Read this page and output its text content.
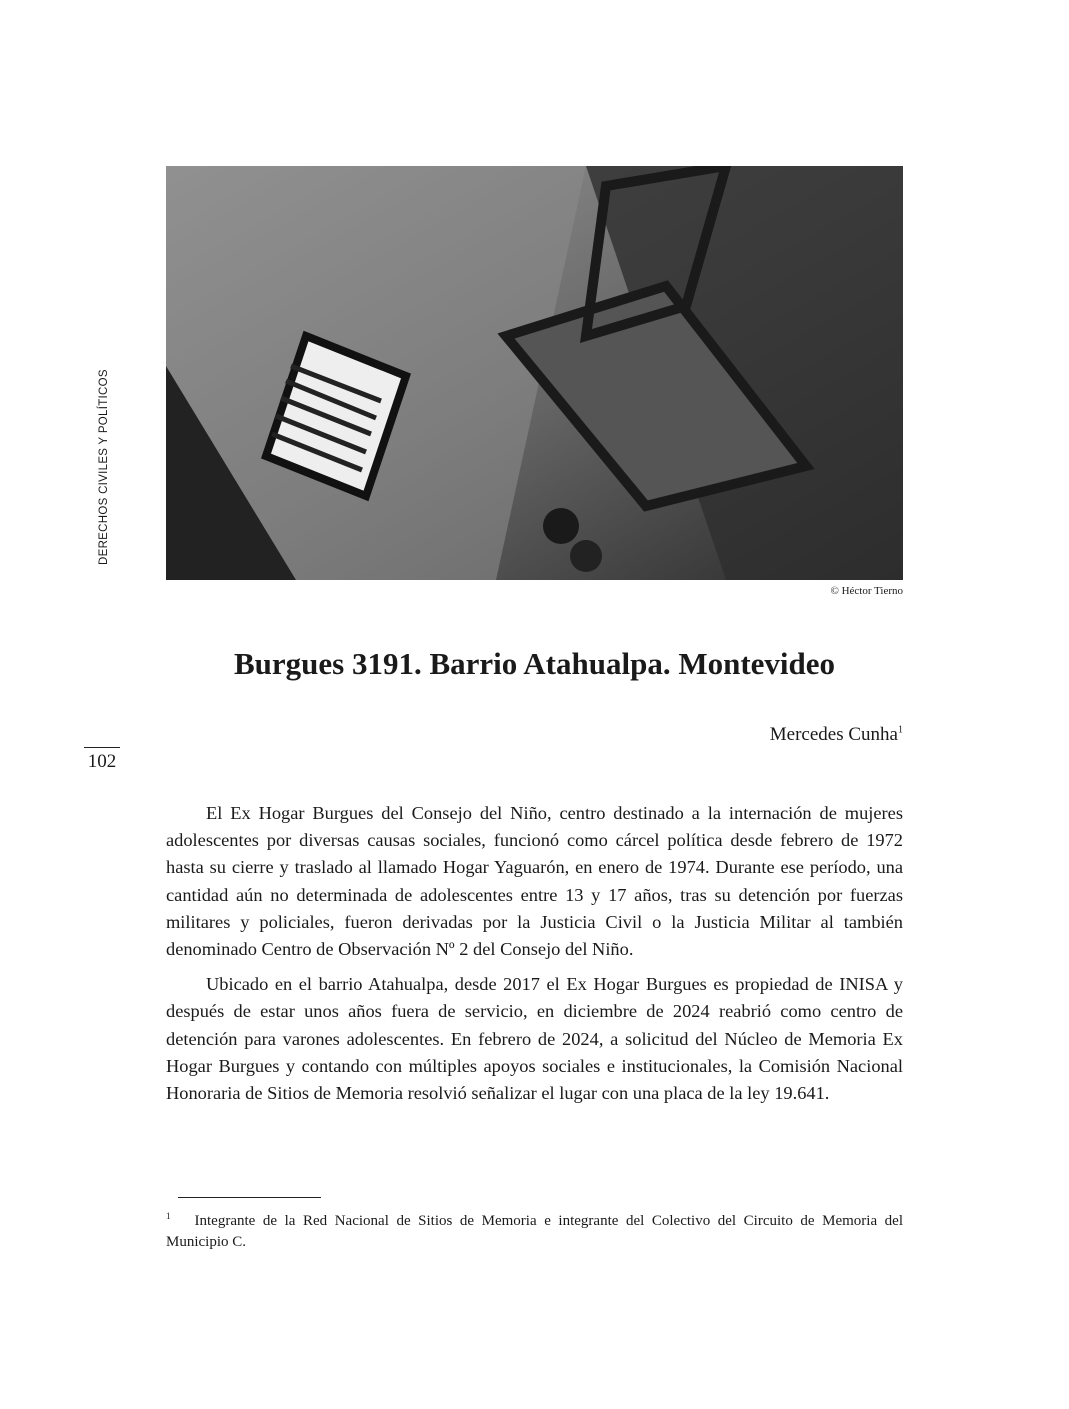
DERECHOS CIVILES Y POLÍTICOS
102
© Héctor Tierno
Burgues 3191. Barrio Atahualpa. Montevideo
Mercedes Cunha$^1$

El Ex Hogar Burgues del Consejo del Niño, centro destinado a la internación de mujeres adolescentes por diversas causas sociales, funcionó como cárcel política desde febrero de 1972 hasta su cierre y traslado al llamado Hogar Yaguarón, en enero de 1974. Durante ese período, una cantidad aún no determinada de adolescentes entre 13 y 17 años, tras su detención por fuerzas militares y policiales, fueron derivadas por la Justicia Civil o la Justicia Militar al también denominado Centro de Observación Nº 2 del Consejo del Niño.

Ubicado en el barrio Atahualpa, desde 2017 el Ex Hogar Burgues es propiedad de INISA y después de estar unos años fuera de servicio, en diciembre de 2024 reabrió como centro de detención para varones adolescentes. En febrero de 2024, a solicitud del Núcleo de Memoria Ex Hogar Burgues y contando con múltiples apoyos sociales e institucionales, la Comisión Nacional Honoraria de Sitios de Memoria resolvió señalizar el lugar con una placa de la ley 19.641.

$^1$ Integrante de la Red Nacional de Sitios de Memoria e integrante del Colectivo del Circuito de Memoria del Municipio C.
